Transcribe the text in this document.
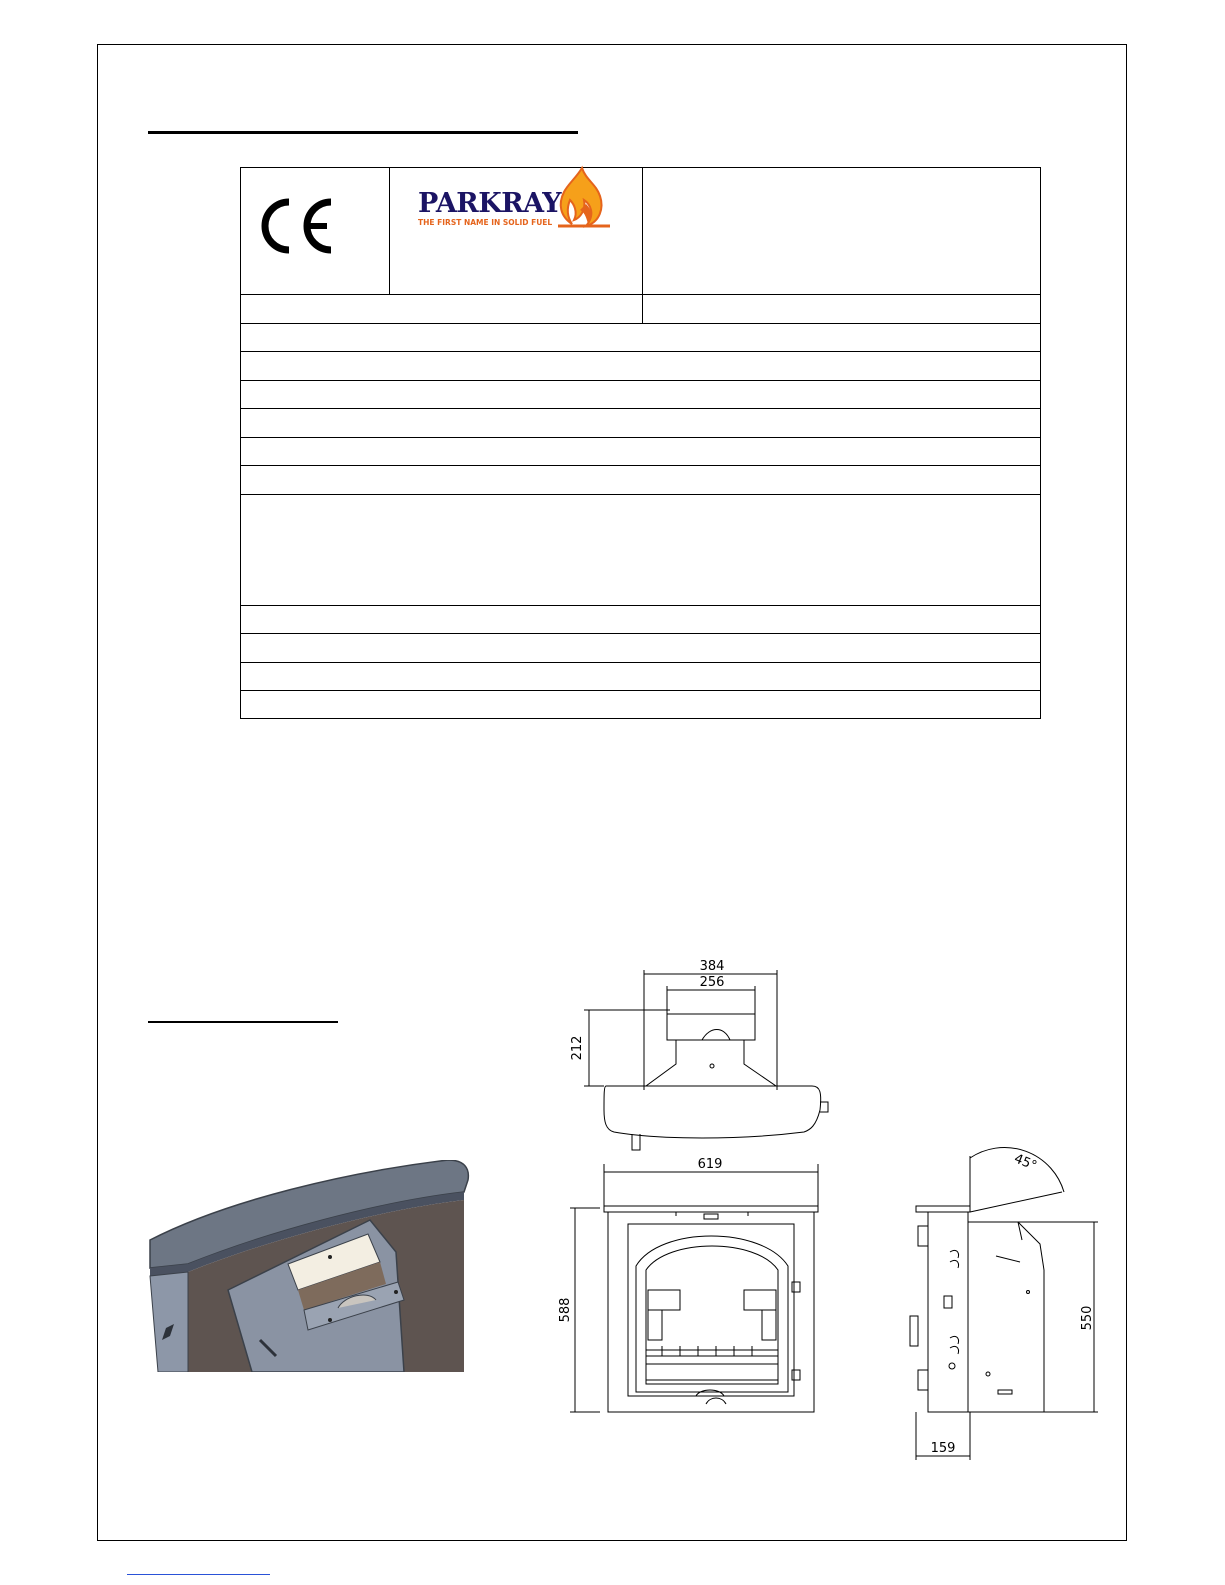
PARKRAY
THE FIRST NAME IN SOLID FUEL
384
256
212
619
588	550
159
45°
